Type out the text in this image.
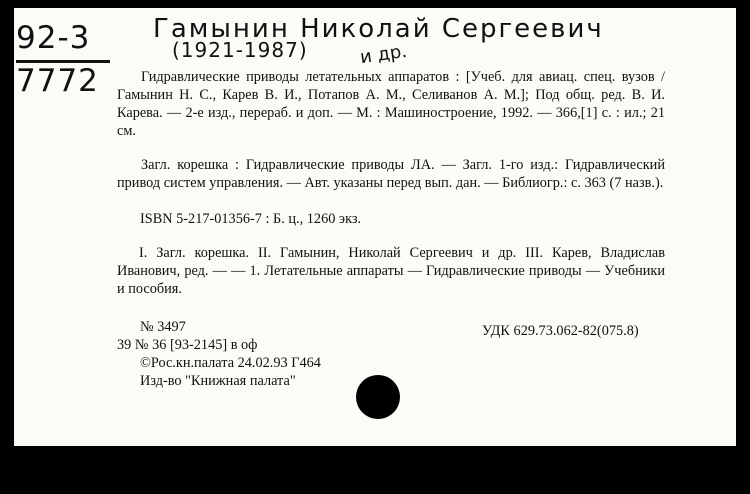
92-3
7772
Гамынин Николай Сергеевич
(1921-1987)	и др.
Гидравлические приводы летательных аппаратов : [Учеб. для авиац. спец. вузов / Гамынин Н. С., Карев В. И., Потапов А. М., Селиванов А. М.]; Под общ. ред. В. И. Карева. — 2-е изд., перераб. и доп. — М. : Машиностроение, 1992. — 366,[1] с. : ил.; 21 см.
Загл. корешка : Гидравлические приводы ЛА. — Загл. 1-го изд.: Гидравлический привод систем управления. — Авт. указаны перед вып. дан. — Библиогр.: с. 363 (7 назв.).
ISBN 5-217-01356-7 : Б. ц., 1260 экз.
I. Загл. корешка. II. Гамынин, Николай Сергеевич и др. III. Карев, Владислав Иванович, ред. — — 1. Летательные аппараты — Гидравлические приводы — Учебники и пособия.
№ 3497
39 № 36 [93-2145] в оф
©Рос.кн.палата 24.02.93 Г464
Изд-во "Книжная палата"
УДК 629.73.062-82(075.8)
